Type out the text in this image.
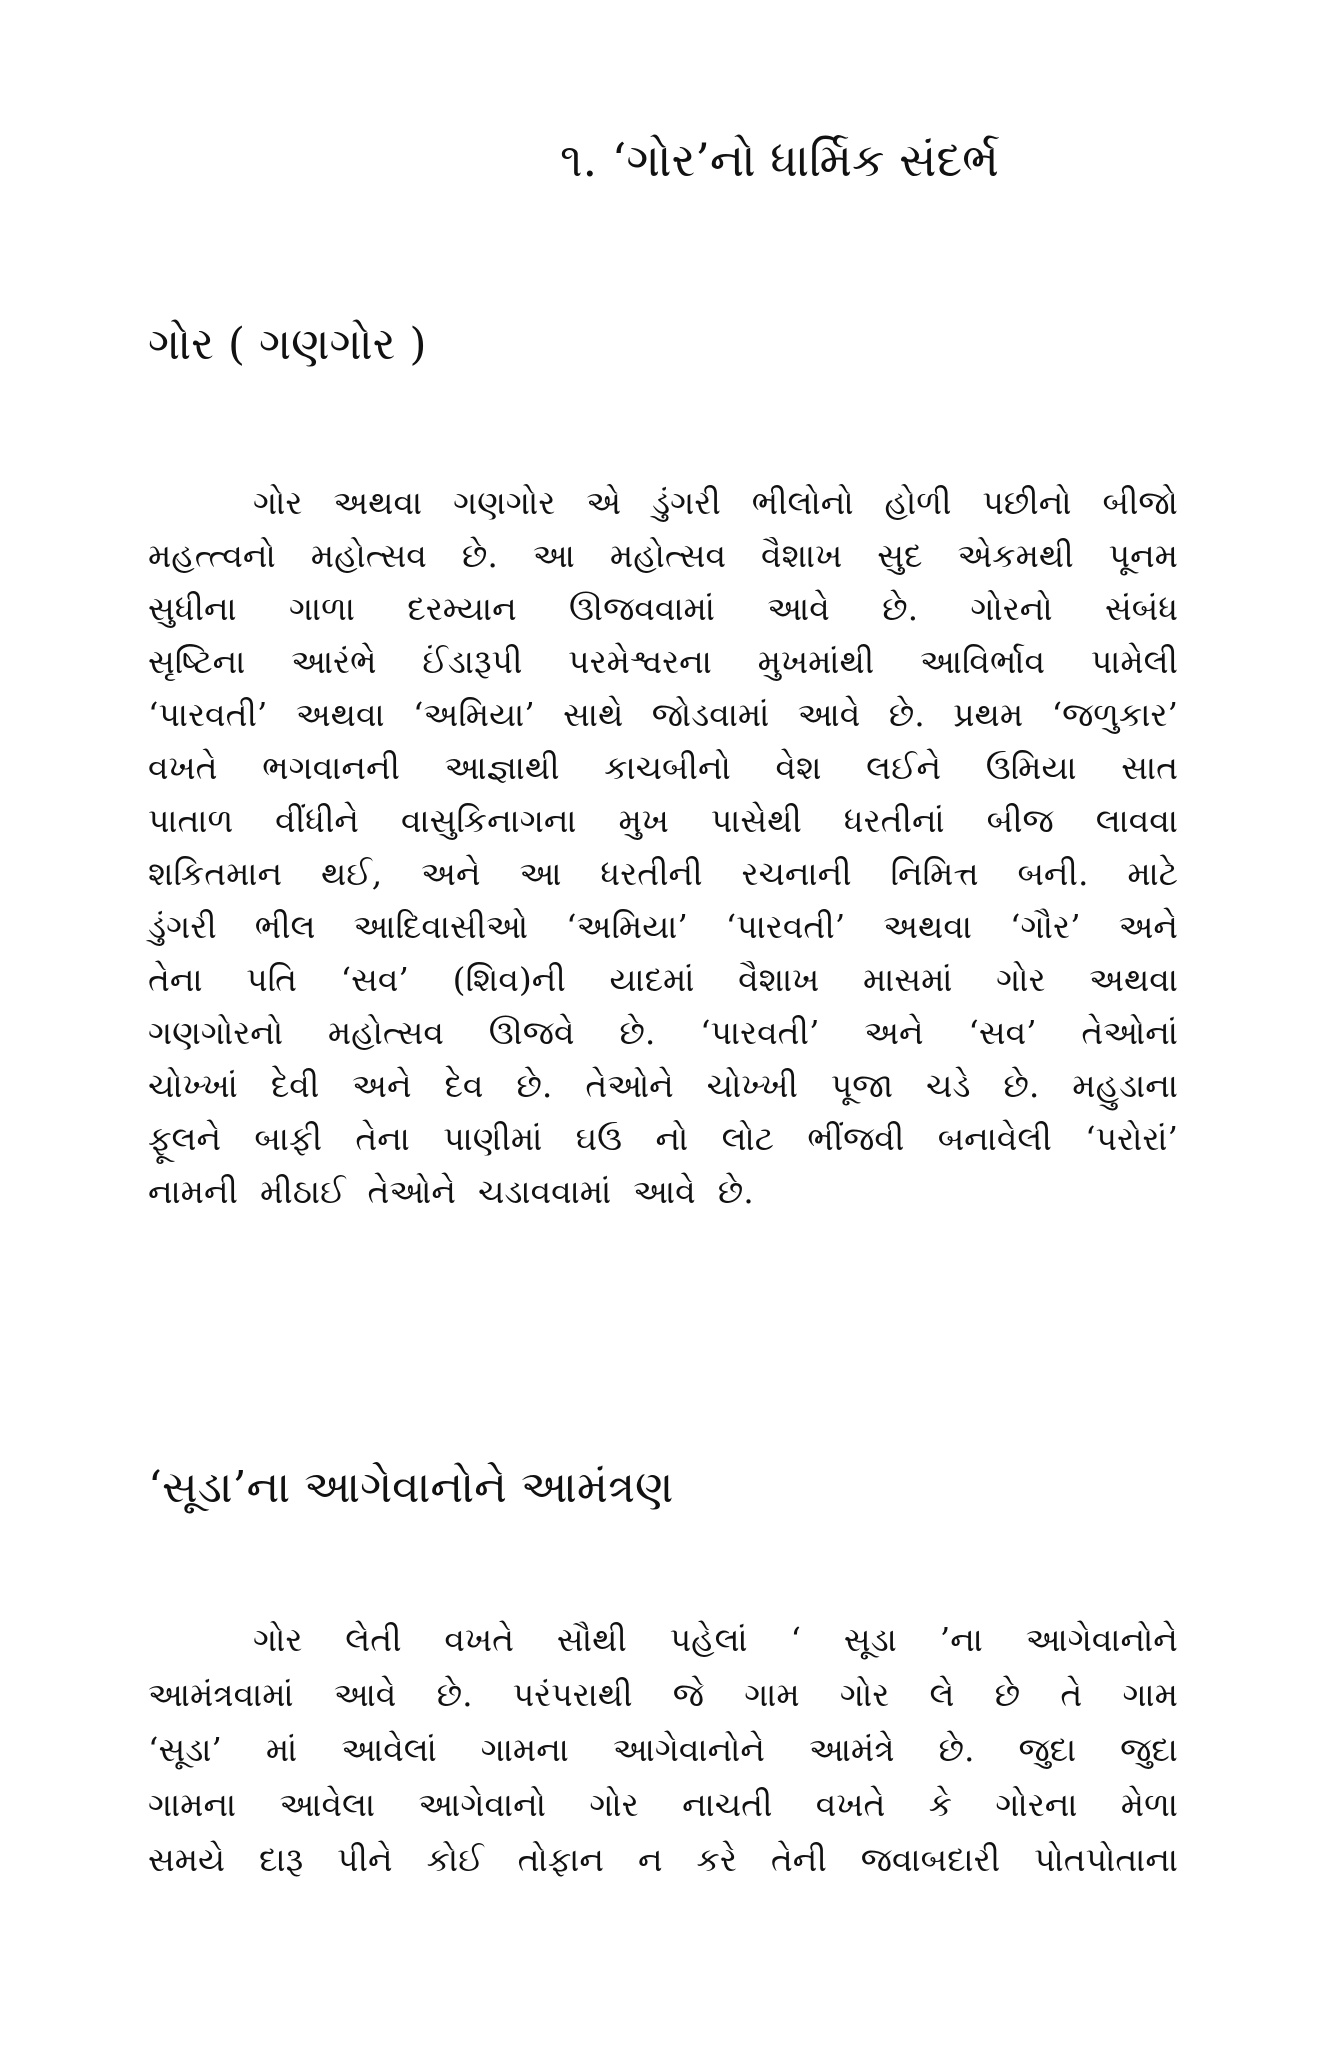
૧. ‘ગોર’નો ધાર્મિક સંદર્ભ
ગોર ( ગણગોર )
ગોર અથવા ગણગોર એ ડુંગરી ભીલોનો હોળી પછીનો બીજો
મહત્ત્વનો મહોત્સવ છે. આ મહોત્સવ વૈશાખ સુદ એકમથી પૂનમ
સુધીના ગાળા દરમ્યાન ઊજવવામાં આવે છે. ગોરનો સંબંધ
સૃષ્ટિના આરંભે ઈંડારૂપી પરમેશ્વરના મુખમાંથી આવિર્ભાવ પામેલી
‘પારવતી’ અથવા ‘અમિયા’ સાથે જોડવામાં આવે છે. પ્રથમ ‘જળુકાર’
વખતે ભગવાનની આજ્ઞાથી કાચબીનો વેશ લઈને ઉમિયા સાત
પાતાળ વીંધીને વાસુકિનાગના મુખ પાસેથી ધરતીનાં બીજ લાવવા
શકિતમાન થઈ, અને આ ધરતીની રચનાની નિમિત્ત બની. માટે
ડુંગરી ભીલ આદિવાસીઓ ‘અમિયા’ ‘પારવતી’ અથવા ‘ગૌર’ અને
તેના પતિ ‘સવ’ (શિવ)ની યાદમાં વૈશાખ માસમાં ગોર અથવા
ગણગોરનો મહોત્સવ ઊજવે છે. ‘પારવતી’ અને ‘સવ’ તેઓનાં
ચોખ્ખાં દેવી અને દેવ છે. તેઓને ચોખ્ખી પૂજા ચડે છે. મહુડાના
ફૂલને બાફી તેના પાણીમાં ઘઉ નો લોટ ભીંજવી બનાવેલી ‘પરોરાં’
નામની મીઠાઈ તેઓને ચડાવવામાં આવે છે.
‘સૂડા’ના આગેવાનોને આમંત્રણ
ગોર લેતી વખતે સૌથી પહેલાં ‘ સૂડા ’ના આગેવાનોને
આમંત્રવામાં આવે છે. પરંપરાથી જે ગામ ગોર લે છે તે ગામ
‘સૂડા’ માં આવેલાં ગામના આગેવાનોને આમંત્રે છે. જુદા જુદા
ગામના આવેલા આગેવાનો ગોર નાચતી વખતે કે ગોરના મેળા
સમયે દારૂ પીને કોઈ તોફાન ન કરે તેની જવાબદારી પોતપોતાના
